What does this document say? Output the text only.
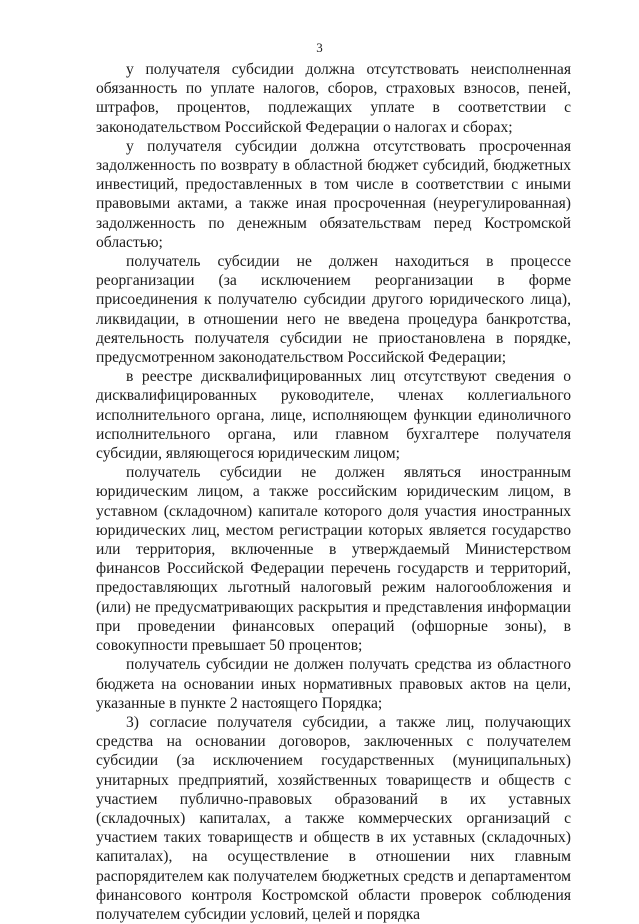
3

у получателя субсидии должна отсутствовать неисполненная обязанность по уплате налогов, сборов, страховых взносов, пеней, штрафов, процентов, подлежащих уплате в соответствии с законодательством Российской Федерации о налогах и сборах;

у получателя субсидии должна отсутствовать просроченная задолженность по возврату в областной бюджет субсидий, бюджетных инвестиций, предоставленных в том числе в соответствии с иными правовыми актами, а также иная просроченная (неурегулированная) задолженность по денежным обязательствам перед Костромской областью;

получатель субсидии не должен находиться в процессе реорганизации (за исключением реорганизации в форме присоединения к получателю субсидии другого юридического лица), ликвидации, в отношении него не введена процедура банкротства, деятельность получателя субсидии не приостановлена в порядке, предусмотренном законодательством Российской Федерации;

в реестре дисквалифицированных лиц отсутствуют сведения о дисквалифицированных руководителе, членах коллегиального исполнительного органа, лице, исполняющем функции единоличного исполнительного органа, или главном бухгалтере получателя субсидии, являющегося юридическим лицом;

получатель субсидии не должен являться иностранным юридическим лицом, а также российским юридическим лицом, в уставном (складочном) капитале которого доля участия иностранных юридических лиц, местом регистрации которых является государство или территория, включенные в утверждаемый Министерством финансов Российской Федерации перечень государств и территорий, предоставляющих льготный налоговый режим налогообложения и (или) не предусматривающих раскрытия и представления информации при проведении финансовых операций (офшорные зоны), в совокупности превышает 50 процентов;

получатель субсидии не должен получать средства из областного бюджета на основании иных нормативных правовых актов на цели, указанные в пункте 2 настоящего Порядка;

3) согласие получателя субсидии, а также лиц, получающих средства на основании договоров, заключенных с получателем субсидии (за исключением государственных (муниципальных) унитарных предприятий, хозяйственных товариществ и обществ с участием публично-правовых образований в их уставных (складочных) капиталах, а также коммерческих организаций с участием таких товариществ и обществ в их уставных (складочных) капиталах), на осуществление в отношении них главным распорядителем как получателем бюджетных средств и департаментом финансового контроля Костромской области проверок соблюдения получателем субсидии условий, целей и порядка
